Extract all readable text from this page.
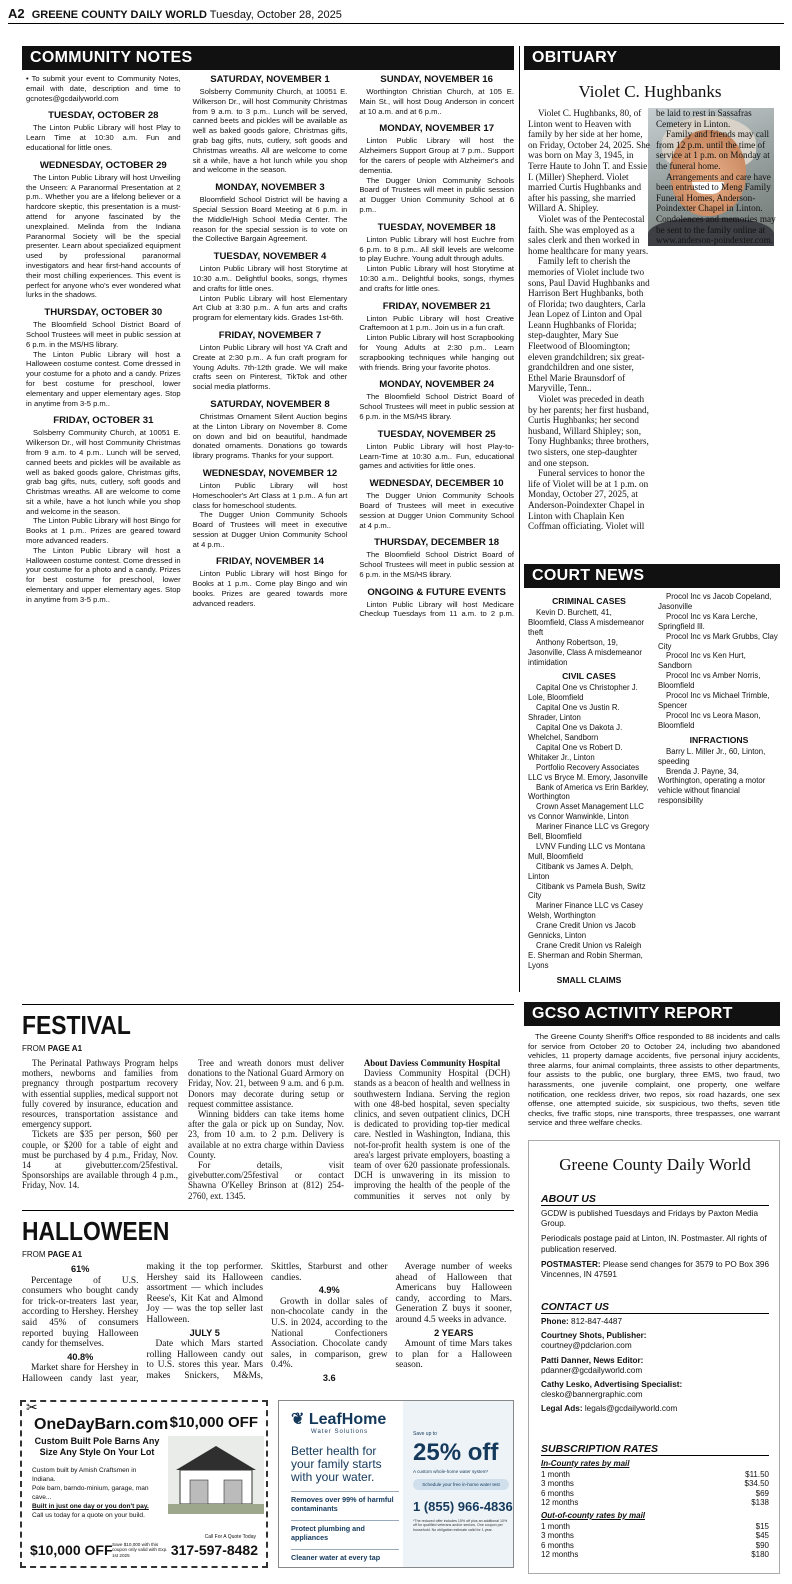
A2 GREENE COUNTY DAILY WORLD Tuesday, October 28, 2025
COMMUNITY NOTES

• To submit your event to Community Notes, email with date, description and time to gcnotes@gcdailyworld.com

TUESDAY, OCTOBER 28

The Linton Public Library will host Play to Learn Time at 10:30 a.m. Fun and educational for little ones.

WEDNESDAY, OCTOBER 29

The Linton Public Library will host Unveiling the Unseen: A Paranormal Presentation at 2 p.m.. Whether you are a lifelong believer or a hardcore skeptic, this presentation is a must-attend for anyone fascinated by the unexplained. Melinda from the Indiana Paranormal Society will be the special presenter. Learn about specialized equipment used by professional paranormal investigators and hear first-hand accounts of their most chilling experiences. This event is perfect for anyone who's ever wondered what lurks in the shadows.

THURSDAY, OCTOBER 30

The Bloomfield School District Board of School Trustees will meet in public session at 6 p.m. in the MS/HS library.

The Linton Public Library will host a Halloween costume contest. Come dressed in your costume for a photo and a candy. Prizes for best costume for preschool, lower elementary and upper elementary ages. Stop in anytime from 3-5 p.m..

FRIDAY, OCTOBER 31

Solsberry Community Church, at 10051 E. Wilkerson Dr., will host Community Christmas from 9 a.m. to 4 p.m.. Lunch will be served, canned beets and pickles will be available as well as baked goods galore, Christmas gifts, grab bag gifts, nuts, cutlery, soft goods and Christmas wreaths. All are welcome to come sit a while, have a hot lunch while you shop and welcome in the season.

The Linton Public Library will host Bingo for Books at 1 p.m.. Prizes are geared toward more advanced readers.

The Linton Public Library will host a Halloween costume contest. Come dressed in your costume for a photo and a candy. Prizes for best costume for preschool, lower elementary and upper elementary ages. Stop in anytime from 3-5 p.m..

SATURDAY, NOVEMBER 1

Solsberry Community Church, at 10051 E. Wilkerson Dr., will host Community Christmas from 9 a.m. to 3 p.m.. Lunch will be served, canned beets and pickles will be available as well as baked goods galore, Christmas gifts, grab bag gifts, nuts, cutlery, soft goods and Christmas wreaths. All are welcome to come sit a while, have a hot lunch while you shop and welcome in the season.

MONDAY, NOVEMBER 3

Bloomfield School District will be having a Special Session Board Meeting at 6 p.m. in the Middle/High School Media Center. The reason for the special session is to vote on the Collective Bargain Agreement.

TUESDAY, NOVEMBER 4

Linton Public Library will host Storytime at 10:30 a.m.. Delightful books, songs, rhymes and crafts for little ones.

Linton Public Library will host Elementary Art Club at 3:30 p.m.. A fun arts and crafts program for elementary kids. Grades 1st-6th.

FRIDAY, NOVEMBER 7

Linton Public Library will host YA Craft and Create at 2:30 p.m.. A fun craft program for Young Adults. 7th-12th grade. We will make crafts seen on Pinterest, TikTok and other social media platforms.

SATURDAY, NOVEMBER 8

Christmas Ornament Silent Auction begins at the Linton Library on November 8. Come on down and bid on beautiful, handmade donated ornaments. Donations go towards library programs. Thanks for your support.

WEDNESDAY, NOVEMBER 12

Linton Public Library will host Homeschooler's Art Class at 1 p.m.. A fun art class for homeschool students.

The Dugger Union Community Schools Board of Trustees will meet in executive session at Dugger Union Community School at 4 p.m..

FRIDAY, NOVEMBER 14

Linton Public Library will host Bingo for Books at 1 p.m.. Come play Bingo and win books. Prizes are geared towards more advanced readers.

SUNDAY, NOVEMBER 16

Worthington Christian Church, at 105 E. Main St., will host Doug Anderson in concert at 10 a.m. and at 6 p.m..

MONDAY, NOVEMBER 17

Linton Public Library will host the Alzheimers Support Group at 7 p.m.. Support for the carers of people with Alzheimer's and dementia.

The Dugger Union Community Schools Board of Trustees will meet in public session at Dugger Union Community School at 6 p.m..

TUESDAY, NOVEMBER 18

Linton Public Library will host Euchre from 6 p.m. to 8 p.m.. All skill levels are welcome to play Euchre. Young adult through adults.

Linton Public Library will host Storytime at 10:30 a.m.. Delightful books, songs, rhymes and crafts for little ones.

FRIDAY, NOVEMBER 21

Linton Public Library will host Creative Craftemoon at 1 p.m.. Join us in a fun craft.

Linton Public Library will host Scrapbooking for Young Adults at 2:30 p.m.. Learn scrapbooking techniques while hanging out with friends. Bring your favorite photos.

MONDAY, NOVEMBER 24

The Bloomfield School District Board of School Trustees will meet in public session at 6 p.m. in the MS/HS library.

TUESDAY, NOVEMBER 25

Linton Public Library will host Play-to-Learn-Time at 10:30 a.m.. Fun, educational games and activities for little ones.

WEDNESDAY, DECEMBER 10

The Dugger Union Community Schools Board of Trustees will meet in executive session at Dugger Union Community School at 4 p.m..

THURSDAY, DECEMBER 18

The Bloomfield School District Board of School Trustees will meet in public session at 6 p.m. in the MS/HS library.

ONGOING & FUTURE EVENTS

Linton Public Library will host Medicare Checkup Tuesdays from 11 a.m. to 2 p.m.

OBITUARY
Violet C. Hughbanks

Violet C. Hughbanks, 80, of Linton went to Heaven with family by her side at her home, on Friday, October 24, 2025. She was born on May 3, 1945, in Terre Haute to John T. and Essie I. (Miller) Shepherd. Violet married Curtis Hughbanks and after his passing, she married Willard A. Shipley.

Violet was of the Pentecostal faith. She was employed as a sales clerk and then worked in home healthcare for many years.

Family left to cherish the memories of Violet include two sons, Paul David Hughbanks and Harrison Bert Hughbanks, both of Florida; two daughters, Carla Jean Lopez of Linton and Opal Leann Hughbanks of Florida; step-daughter, Mary Sue Fleetwood of Bloomington; eleven grandchildren; six great-grandchildren and one sister, Ethel Marie Braunsdorf of Maryville, Tenn..

Violet was preceded in death by her parents; her first husband, Curtis Hughbanks; her second husband, Willard Shipley; son, Tony Hughbanks; three brothers, two sisters, one step-daughter and one stepson.

Funeral services to honor the life of Violet will be at 1 p.m. on Monday, October 27, 2025, at Anderson-Poindexter Chapel in Linton with Chaplain Ken Coffman officiating. Violet will be laid to rest in Sassafras Cemetery in Linton.

Family and friends may call from 12 p.m. until the time of service at 1 p.m. on Monday at the funeral home.

Arrangements and care have been entrusted to Meng Family Funeral Homes, Anderson-Poindexter Chapel in Linton. Condolences and memories may be sent to the family online at www.anderson-poindexter.com.

COURT NEWS
CRIMINAL CASES

Kevin D. Burchett, 41, Bloomfield, Class A misdemeanor theft

Anthony Robertson, 19, Jasonville, Class A misdemeanor intimidation

CIVIL CASES

Capital One vs Christopher J. Lole, Bloomfield

Capital One vs Justin R. Shrader, Linton

Capital One vs Dakota J. Whelchel, Sandborn

Capital One vs Robert D. Whitaker Jr., Linton

Portfolio Recovery Associates LLC vs Bryce M. Emory, Jasonville

Bank of America vs Erin Barkley, Worthington

Crown Asset Management LLC vs Connor Wanwinkle, Linton

Mariner Finance LLC vs Gregory Bell, Bloomfield

LVNV Funding LLC vs Montana Mull, Bloomfield

Citibank vs James A. Delph, Linton

Citibank vs Pamela Bush, Switz City

Mariner Finance LLC vs Casey Welsh, Worthington

Crane Credit Union vs Jacob Gennicks, Linton

Crane Credit Union vs Raleigh E. Sherman and Robin Sherman, Lyons

SMALL CLAIMS

Procol Inc vs Jacob Copeland, Jasonville

Procol Inc vs Kara Lerche, Springfield Ill.

Procol Inc vs Mark Grubbs, Clay City

Procol Inc vs Ken Hurt, Sandborn

Procol Inc vs Amber Norris, Bloomfield

Procol Inc vs Michael Trimble, Spencer

Procol Inc vs Leora Mason, Bloomfield

INFRACTIONS

Barry L. Miller Jr., 60, Linton, speeding

Brenda J. Payne, 34, Worthington, operating a motor vehicle without financial responsibility

GCSO ACTIVITY REPORT

The Greene County Sheriff's Office responded to 88 incidents and calls for service from October 20 to October 24, including two abandoned vehicles, 11 property damage accidents, five personal injury accidents, three alarms, four animal complaints, three assists to other departments, four assists to the public, one burglary, three EMS, two fraud, two harassments, one juvenile complaint, one property, one welfare notification, one reckless driver, two repos, six road hazards, one sex offense, one attempted suicide, six suspicious, two thefts, seven title checks, five traffic stops, nine transports, three trespasses, one warrant service and three welfare checks.

FESTIVAL
FROM PAGE A1

The Perinatal Pathways Program helps mothers, newborns and families from pregnancy through postpartum recovery with essential supplies, medical support not fully covered by insurance, education and resources, transportation assistance and emergency support.

Tickets are $35 per person, $60 per couple, or $200 for a table of eight and must be purchased by 4 p.m., Friday, Nov. 14 at givebutter.com/25festival. Sponsorships are available through 4 p.m., Friday, Nov. 14.

Tree and wreath donors must deliver donations to the National Guard Armory on Friday, Nov. 21, between 9 a.m. and 6 p.m. Donors may decorate during setup or request committee assistance.

Winning bidders can take items home after the gala or pick up on Sunday, Nov. 23, from 10 a.m. to 2 p.m. Delivery is available at no extra charge within Daviess County.

For details, visit givebutter.com/25festival or contact Shawna O'Kelley Brinson at (812) 254-2760, ext. 1345.

About Daviess Community Hospital

Daviess Community Hospital (DCH) stands as a beacon of health and wellness in southwestern Indiana. Serving the region with one 48-bed hospital, seven specialty clinics, and seven outpatient clinics, DCH is dedicated to providing top-tier medical care. Nestled in Washington, Indiana, this not-for-profit health system is one of the area's largest private employers, boasting a team of over 620 passionate professionals. DCH is unwavering in its mission to improving the health of the people of the communities it serves not only by

HALLOWEEN
FROM PAGE A1
61%

Percentage of U.S. consumers who bought candy for trick-or-treaters last year, according to Hershey. Hershey said 45% of consumers reported buying Halloween candy for themselves.

40.8%

Market share for Hershey in Halloween candy last year, making it the top performer. Hershey said its Halloween assortment — which includes Reese's, Kit Kat and Almond Joy — was the top seller last Halloween.

JULY 5

Date which Mars started rolling Halloween candy out to U.S. stores this year. Mars makes Snickers, M&Ms, Skittles, Starburst and other candies.

4.9%

Growth in dollar sales of non-chocolate candy in the U.S. in 2024, according to the National Confectioners Association. Chocolate candy sales, in comparison, grew 0.4%.

3.6

Average number of weeks ahead of Halloween that Americans buy Halloween candy, according to Mars. Generation Z buys it sooner, around 4.5 weeks in advance.

2 YEARS

Amount of time Mars takes to plan for a Halloween season.

✂
OneDayBarn.com $10,000 OFF
Custom Built Pole Barns Any Size Any Style On Your Lot
Custom built by Amish Craftsmen in Indiana.
Pole barn, barndo-minium, garage, man cave...
Built in just one day or you don't pay.
Call us today for a quote on your build.
$10,000 OFF Save $10,000 with this coupon only valid with Exp. 1st 2025
Call For A Quote Today
317-597-8482
❦ LeafHome
Water Solutions
Better health for your family starts with your water.
Removes over 99% of harmful contaminants
Protect plumbing and appliances
Cleaner water at every tap
Save up to
25% off
A custom whole-home water system*
Schedule your free in-home water test
1 (855) 966-4836
*The reduced offer includes 15% off plus an additional 10% off for qualified veterans and/or seniors. One coupon per household. No obligation estimate valid for 1 year.
Greene County Daily World
ABOUT US
GCDW is published Tuesdays and Fridays by Paxton Media Group.
Periodicals postage paid at Linton, IN. Postmaster. All rights of publication reserved.
POSTMASTER: Please send changes for 3579 to PO Box 396 Vincennes, IN 47591
CONTACT US
Phone: 812-847-4487
Courtney Shots, Publisher:
courtney@pdclarion.com
Patti Danner, News Editor:
pdanner@gcdailyworld.com
Cathy Lesko, Advertising Specialist:
clesko@bannergraphic.com
Legal Ads: legals@gcdailyworld.com
SUBSCRIPTION RATES
In-County rates by mail
1 month	$11.50
3 months	$34.50
6 months	$69
12 months	$138
Out-of-county rates by mail
1 month	$15
3 months	$45
6 months	$90
12 months	$180
